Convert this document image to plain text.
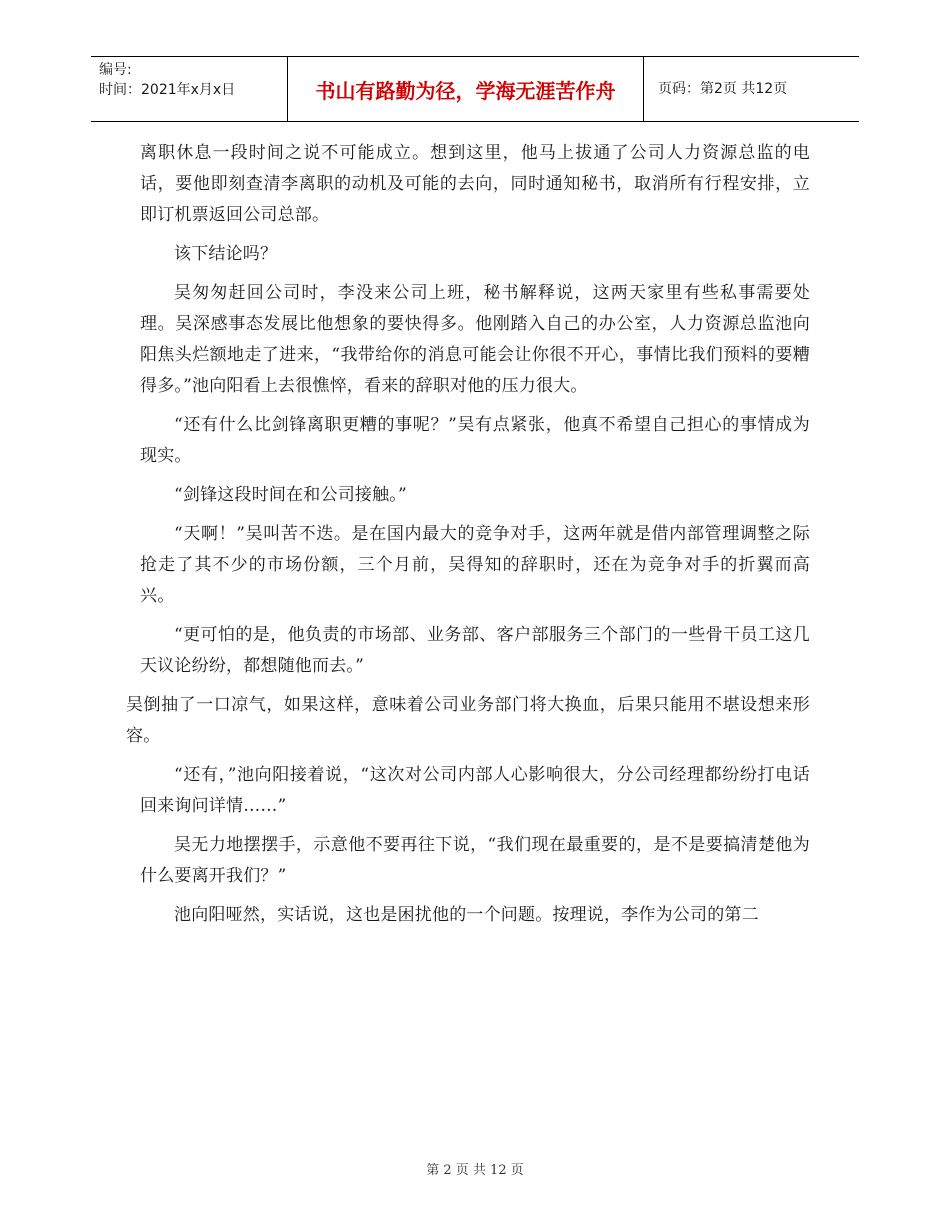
编号:
时间：2021年x月x日	书山有路勤为径，学海无涯苦作舟	页码：第2页 共12页

离职休息一段时间之说不可能成立。想到这里，他马上拔通了公司人力资源总监的电话，要他即刻查清李离职的动机及可能的去向，同时通知秘书，取消所有行程安排，立即订机票返回公司总部。

该下结论吗？

吴匆匆赶回公司时，李没来公司上班，秘书解释说，这两天家里有些私事需要处理。吴深感事态发展比他想象的要快得多。他刚踏入自己的办公室，人力资源总监池向阳焦头烂额地走了进来，“我带给你的消息可能会让你很不开心，事情比我们预料的要糟得多。”池向阳看上去很憔悴，看来的辞职对他的压力很大。

“还有什么比剑锋离职更糟的事呢？”吴有点紧张，他真不希望自己担心的事情成为现实。

“剑锋这段时间在和公司接触。”

“天啊！”吴叫苦不迭。是在国内最大的竞争对手，这两年就是借内部管理调整之际抢走了其不少的市场份额，三个月前，吴得知的辞职时，还在为竞争对手的折翼而高兴。

“更可怕的是，他负责的市场部、业务部、客户部服务三个部门的一些骨干员工这几天议论纷纷，都想随他而去。”

吴倒抽了一口凉气，如果这样，意味着公司业务部门将大换血，后果只能用不堪设想来形容。

“还有，”池向阳接着说，“这次对公司内部人心影响很大，分公司经理都纷纷打电话回来询问详情……”

吴无力地摆摆手，示意他不要再往下说，“我们现在最重要的，是不是要搞清楚他为什么要离开我们？”

池向阳哑然，实话说，这也是困扰他的一个问题。按理说，李作为公司的第二

第 2 页 共 12 页
